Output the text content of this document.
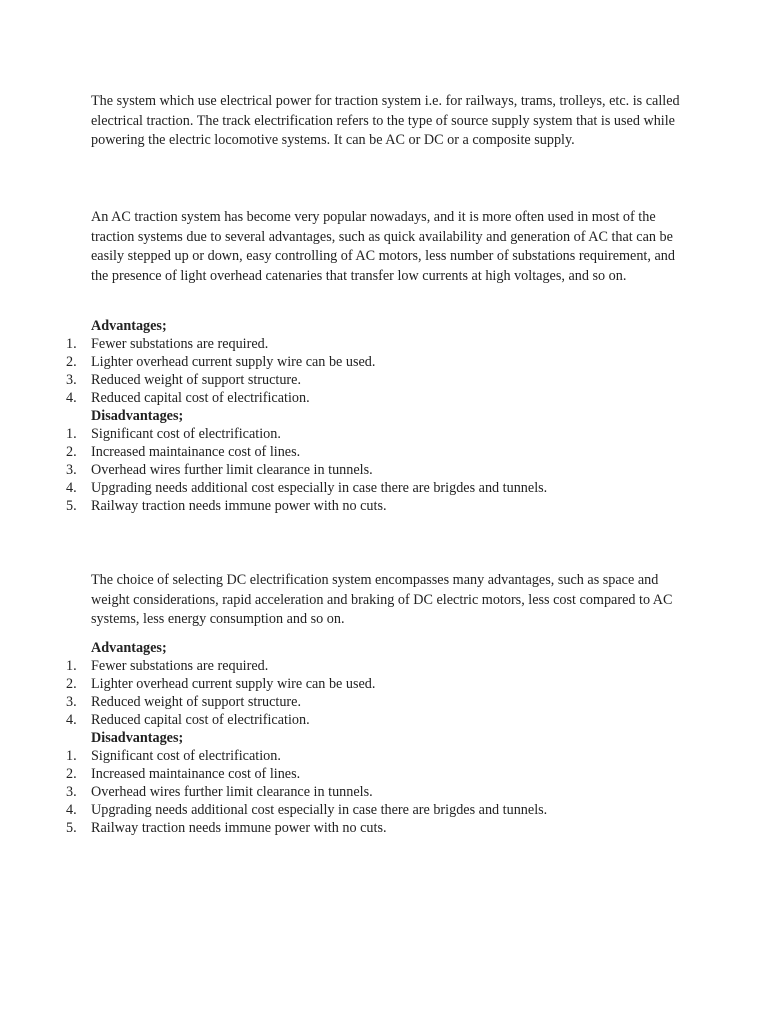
The system which use electrical power for traction system i.e. for railways, trams, trolleys, etc. is called electrical traction. The track electrification refers to the type of source supply system that is used while powering the electric locomotive systems. It can be AC or DC or a composite supply.

An AC traction system has become very popular nowadays, and it is more often used in most of the traction systems due to several advantages, such as quick availability and generation of AC that can be easily stepped up or down, easy controlling of AC motors, less number of substations requirement, and the presence of light overhead catenaries that transfer low currents at high voltages, and so on.

Advantages;

1. Fewer substations are required.
2. Lighter overhead current supply wire can be used.
3. Reduced weight of support structure.
4. Reduced capital cost of electrification.

Disadvantages;

1. Significant cost of electrification.
2. Increased maintainance cost of lines.
3. Overhead wires further limit clearance in tunnels.
4. Upgrading needs additional cost especially in case there are brigdes and tunnels.
5. Railway traction needs immune power with no cuts.

The choice of selecting DC electrification system encompasses many advantages, such as space and weight considerations, rapid acceleration and braking of DC electric motors, less cost compared to AC systems, less energy consumption and so on.

Advantages;

1. Fewer substations are required.
2. Lighter overhead current supply wire can be used.
3. Reduced weight of support structure.
4. Reduced capital cost of electrification.

Disadvantages;

1. Significant cost of electrification.
2. Increased maintainance cost of lines.
3. Overhead wires further limit clearance in tunnels.
4. Upgrading needs additional cost especially in case there are brigdes and tunnels.
5. Railway traction needs immune power with no cuts.
